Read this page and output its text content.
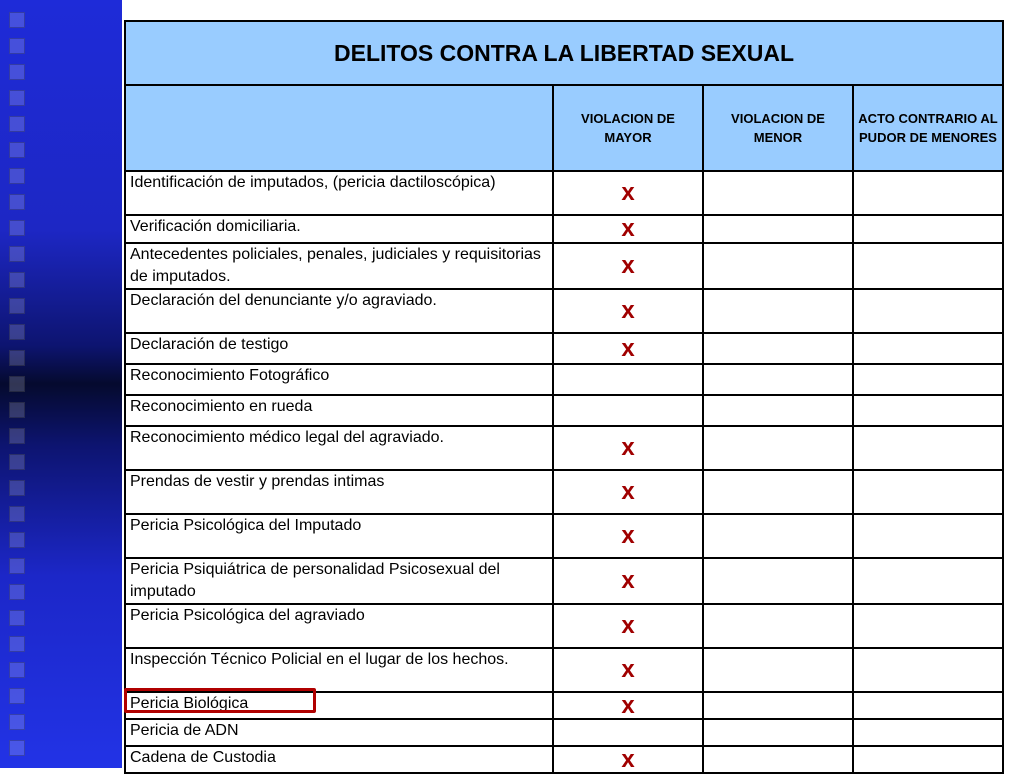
DELITOS CONTRA LA LIBERTAD SEXUAL			
	VIOLACION DE MAYOR	VIOLACION DE MENOR	ACTO CONTRARIO AL PUDOR DE MENORES
Identificación de imputados, (pericia dactiloscópica)	x		
Verificación domiciliaria.	x		
Antecedentes policiales, penales, judiciales y requisitorias de imputados.	x		
Declaración del denunciante y/o agraviado.	x		
Declaración de testigo	x		
Reconocimiento Fotográfico			
Reconocimiento en rueda			
Reconocimiento médico legal del agraviado.	x		
Prendas de vestir y prendas intimas	x		
Pericia Psicológica del Imputado	x		
Pericia Psiquiátrica de personalidad Psicosexual del imputado	x		
Pericia Psicológica del agraviado	x		
Inspección Técnico Policial en el lugar de los hechos.	x		
Pericia Biológica	x		
Pericia de ADN			
Cadena de Custodia	x		
